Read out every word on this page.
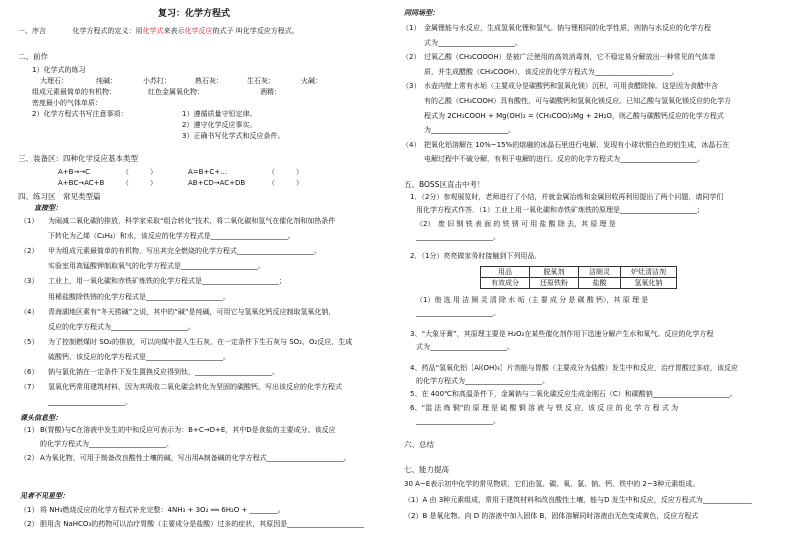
复习：化学方程式
一、序言	化学方程式的定义：用化学式来表示化学反应的式子 叫化学反应方程式。
二、前作
1）化学式的练习
大理石：	纯碱：	小苏打：	熟石灰：	生石灰：	火碱：
组成元素最简单的有机物：	红色金属氧化物：	酒精：
密度最小的气体单质：
2）化学方程式书写注意事项：	1）遵循质量守恒定律。
2）遵守化学反应事实。
3）正确书写化学式和反应条件。
三、装备区：四种化学反应基本类型
A+B→→C	（　　　）	A=B+C+…	（　　　）
A+BC→AC+B	（　　　）	AB+CD→AC+DB	（　　　）
四、练习区　常见类型篇
直接型：
（1） 为闹减二氧化碳的排放，科学家采取“组合转化”技术，将二氧化碳和氢气在催化剂和加热条件
下转化为乙烯（C₂H₄）和水，该反应的化学方程式是______________________。
（2） 甲为组成元素最简单的有机物，写出其完全燃烧的化学方程式______________________。
实验室用高锰酸钾制取氧气的化学方程式是______________________。
（3） 工业上，用一氧化碳和赤铁矿炼铁的化学方程式是______________________；
用稀盐酸除铁锈的化学方程式是______________________。
（4） 青海湖地区素有“冬天捞碱”之说，其中的“碱”是纯碱，可用它与氢氧化钙反应制取氢氧化钠，
反应的化学方程式为______________________。
（5） 为了控制燃煤时 SO₂的排放，可以向煤中混入生石灰，在一定条件下生石灰与 SO₂、O₂反应，生成
硫酸钙，该反应的化学方程式是______________________。
（6） 钠与氯化钠在一定条件下发生置换反应得到钛，______________________。
（7） 氢氧化钙常用建筑材料，因为其吸收二氧化碳会转化为坚固的碳酸钙，写出该反应的化学方程式
______________________。
课头信息型：
（1） B(胃酸)与C在溶液中发生的中和反应可表示为：B+C→D+E，其中D是食盐的主要成分。该反应
的化学方程式为______________________。
（2） A为氧化物，可用于制备改良酸性土壤的碱，写出用A制备碱的化学方程式______________________。
见者不见星型：
（1） 将 NH₃燃烧反应的化学方程式补充完整：4NH₃ + 3O₂ ══ 6H₂O + ________。
（2） 胆用含 NaHCO₃的药物可以治疗胃酸（主要成分是盐酸）过多的症状，其原因是______________________
同同场型：
（1） 金属锂能与水反应，生成氢氧化锂和氢气。钠与锂相同的化学性质，则钠与水反应的化学方程
式为______________________。
（2） 过氧乙酸（CH₃COOOH）是被广泛使用的高效消毒剂，它不稳定易分解放出一种常见的气体单
质，并生成醋酸（CH₃COOH），该反应的化学方程式为______________________。
（3） 水壶内壁上常有水垢（主要成分是碳酸钙和氢氧化镁）沉积，可用食醋除掉。这是因为食醋中含
有的乙酸（CH₃COOH）具有酸性，可与碳酸钙和氢氧化镁反应。已知乙酸与氢氧化镁反应的化学方
程式为 2CH₃COOH + Mg(OH)₂ = (CH₃COO)₂Mg + 2H₂O，则乙酸与碳酸钙反应的化学方程式
为______________________。
（4） 把氧化铝溶解在 10%~15%的熔融的冰晶石里进行电解，发现有小球状银白色的铝生成，冰晶石在
电解过程中不破分解，有利于电解的进行。反应的化学方程式为______________________。
五、BOSS区直击中考！
1．（2分）参观展览时，老师进行了小结，并就金属冶炼和金属回收再利用提出了两个问题，请同学们
用化学方程式作答．（1）工业上用一氧化碳和赤铁矿炼铁的原理是______________________；
（2）　废 旧 钢 铁 表 面 的 铁 锈 可 用 盐 酸 除 去，其 原 理 是
______________________。
2．（1分）亮亮做家务时接触到下列用品．
用品	脱氧剂	洁厕灵	炉灶清洁剂
有效成分	还原铁粉	盐酸	氢氧化钠
（1）他 选 用 洁 厕 灵 清 除 水 垢（主 要 成 分 是 碳 酸 钙），其 原 理 是
______________________。
3、“大象牙膏”，其原理主要是 H₂O₂在某些催化剂作用下迅速分解产生水和氧气。反应的化学方程
式为______________________。
4、药品“氢氧化铝［Al(OH)₃］片剂能与胃酸（主要成分为盐酸）发生中和反应，治疗胃酸过多症，该反应
的化学方程式为______________________。
5、在 400℃和高温条件下，金属钠与二氧化碳反应生成金刚石（C）和碳酸钠______________________。
6、“湿 法 炼 铜”的 原 理 是 硫 酸 铜 溶 液 与 铁 反 应，该 反 应 的 化 学 方 程 式 为
______________________。
六、总结
七、能力提高
30 A~E表示初中化学的常见物质，它们由氢、碳、氧、氯、钠、钙、铁中的 2~3种元素组成。
（1）A 由 3种元素组成，常用于建筑材料和改良酸性土壤，能与D 发生中和反应，反应方程式为______________
（2）B 是氧化物。向 D 的溶液中加入固体 B，固体溶解同时溶液由无色变成黄色，反应方程式
